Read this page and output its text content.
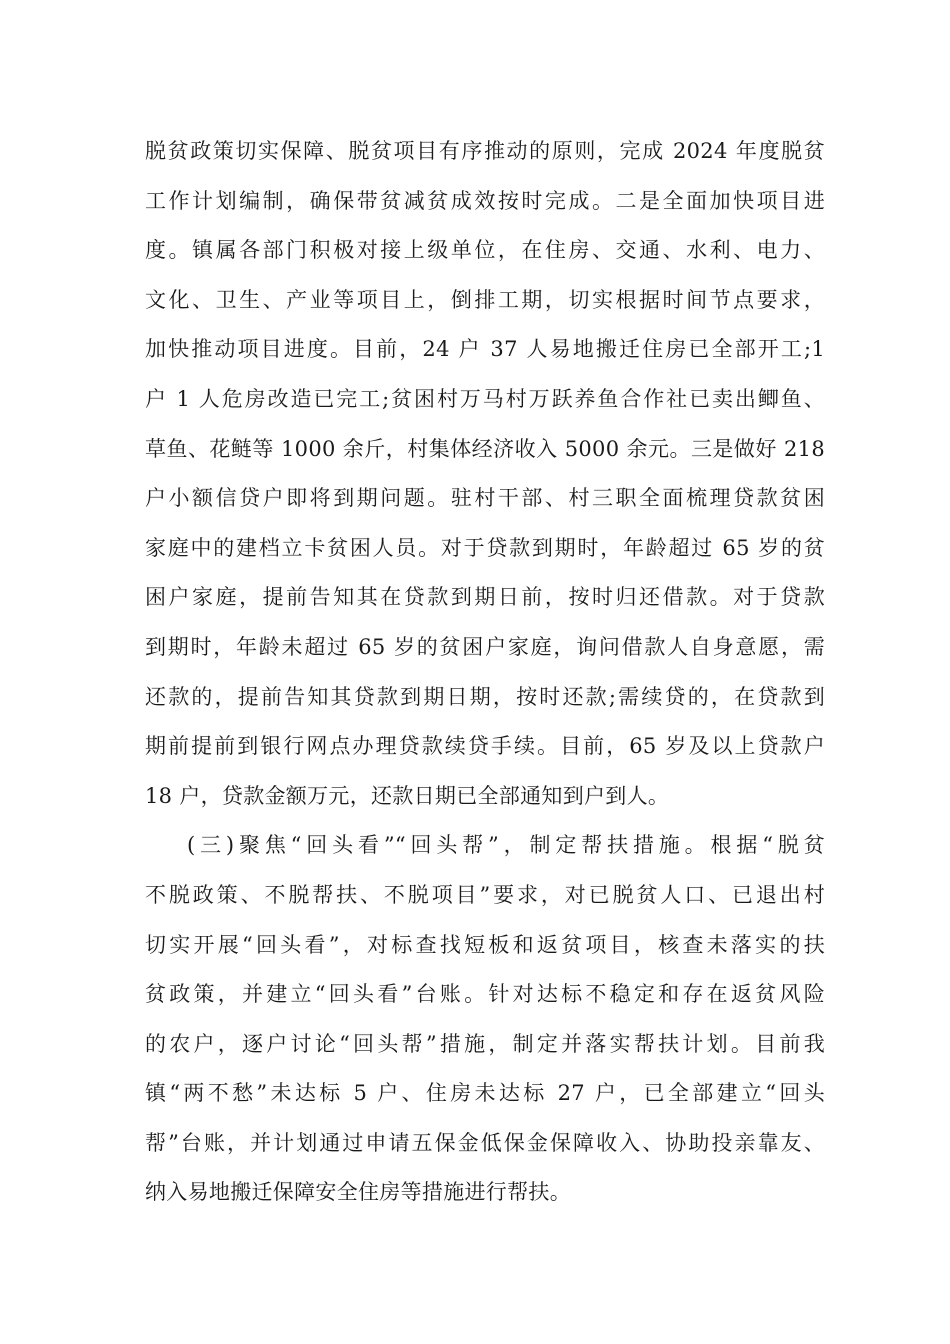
脱贫政策切实保障、脱贫项目有序推动的原则，完成 2024 年度脱贫
工作计划编制，确保带贫减贫成效按时完成。二是全面加快项目进
度。镇属各部门积极对接上级单位，在住房、交通、水利、电力、
文化、卫生、产业等项目上，倒排工期，切实根据时间节点要求，
加快推动项目进度。目前，24 户 37 人易地搬迁住房已全部开工;1
户 1 人危房改造已完工;贫困村万马村万跃养鱼合作社已卖出鲫鱼、
草鱼、花鲢等 1000 余斤，村集体经济收入 5000 余元。三是做好 218
户小额信贷户即将到期问题。驻村干部、村三职全面梳理贷款贫困
家庭中的建档立卡贫困人员。对于贷款到期时，年龄超过 65 岁的贫
困户家庭，提前告知其在贷款到期日前，按时归还借款。对于贷款
到期时，年龄未超过 65 岁的贫困户家庭，询问借款人自身意愿，需
还款的，提前告知其贷款到期日期，按时还款;需续贷的，在贷款到
期前提前到银行网点办理贷款续贷手续。目前，65 岁及以上贷款户
18 户，贷款金额万元，还款日期已全部通知到户到人。
(三)聚焦“回头看”“回头帮”，制定帮扶措施。根据“脱贫
不脱政策、不脱帮扶、不脱项目”要求，对已脱贫人口、已退出村
切实开展“回头看”，对标查找短板和返贫项目，核查未落实的扶
贫政策，并建立“回头看”台账。针对达标不稳定和存在返贫风险
的农户，逐户讨论“回头帮”措施，制定并落实帮扶计划。目前我
镇“两不愁”未达标 5 户、住房未达标 27 户，已全部建立“回头
帮”台账，并计划通过申请五保金低保金保障收入、协助投亲靠友、
纳入易地搬迁保障安全住房等措施进行帮扶。
